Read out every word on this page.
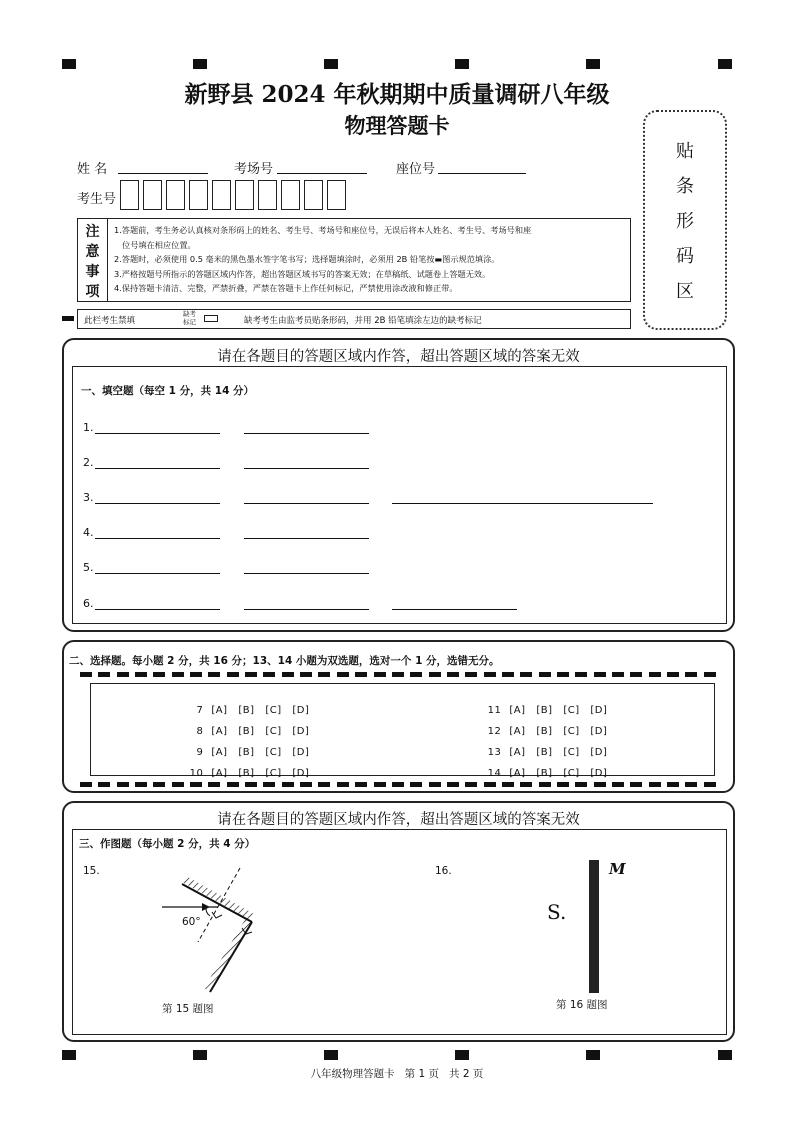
新野县 2024 年秋期期中质量调研八年级
物理答题卡
姓 名	考场号	座位号
考生号
注
意
事
项
1.答题前，考生务必认真核对条形码上的姓名、考生号、考场号和座位号，无误后将本人姓名、考生号、考场号和座
位号填在相应位置。
2.答题时，必须使用 0.5 毫米的黑色墨水签字笔书写；选择题填涂时，必须用 2B 铅笔按▬图示规范填涂。
3.严格按题号所指示的答题区域内作答，超出答题区域书写的答案无效；在草稿纸、试题卷上答题无效。
4.保持答题卡清洁、完整，严禁折叠，严禁在答题卡上作任何标记，严禁使用涂改液和修正带。
此栏考生禁填
缺考
标记	缺考考生由监考员贴条形码，并用 2B 铅笔填涂左边的缺考标记
贴
条
形
码
区
请在各题目的答题区域内作答，超出答题区域的答案无效
一、填空题（每空 1 分，共 14 分）
1.
2.
3.
4.
5.
6.
二、选择题。每小题 2 分，共 16 分；13、14 小题为双选题，选对一个 1 分，选错无分。

7 [A] [B] [C] [D]

8 [A] [B] [C] [D]

9 [A] [B] [C] [D]

10 [A] [B] [C] [D]

11 [A] [B] [C] [D]

12 [A] [B] [C] [D]

13 [A] [B] [C] [D]

14 [A] [B] [C] [D]

请在各题目的答题区域内作答，超出答题区域的答案无效
三、作图题（每小题 2 分，共 4 分）
15.	16.
60°
第 15 题图
M
S.
第 16 题图
八年级物理答题卡   第 1 页   共 2 页
